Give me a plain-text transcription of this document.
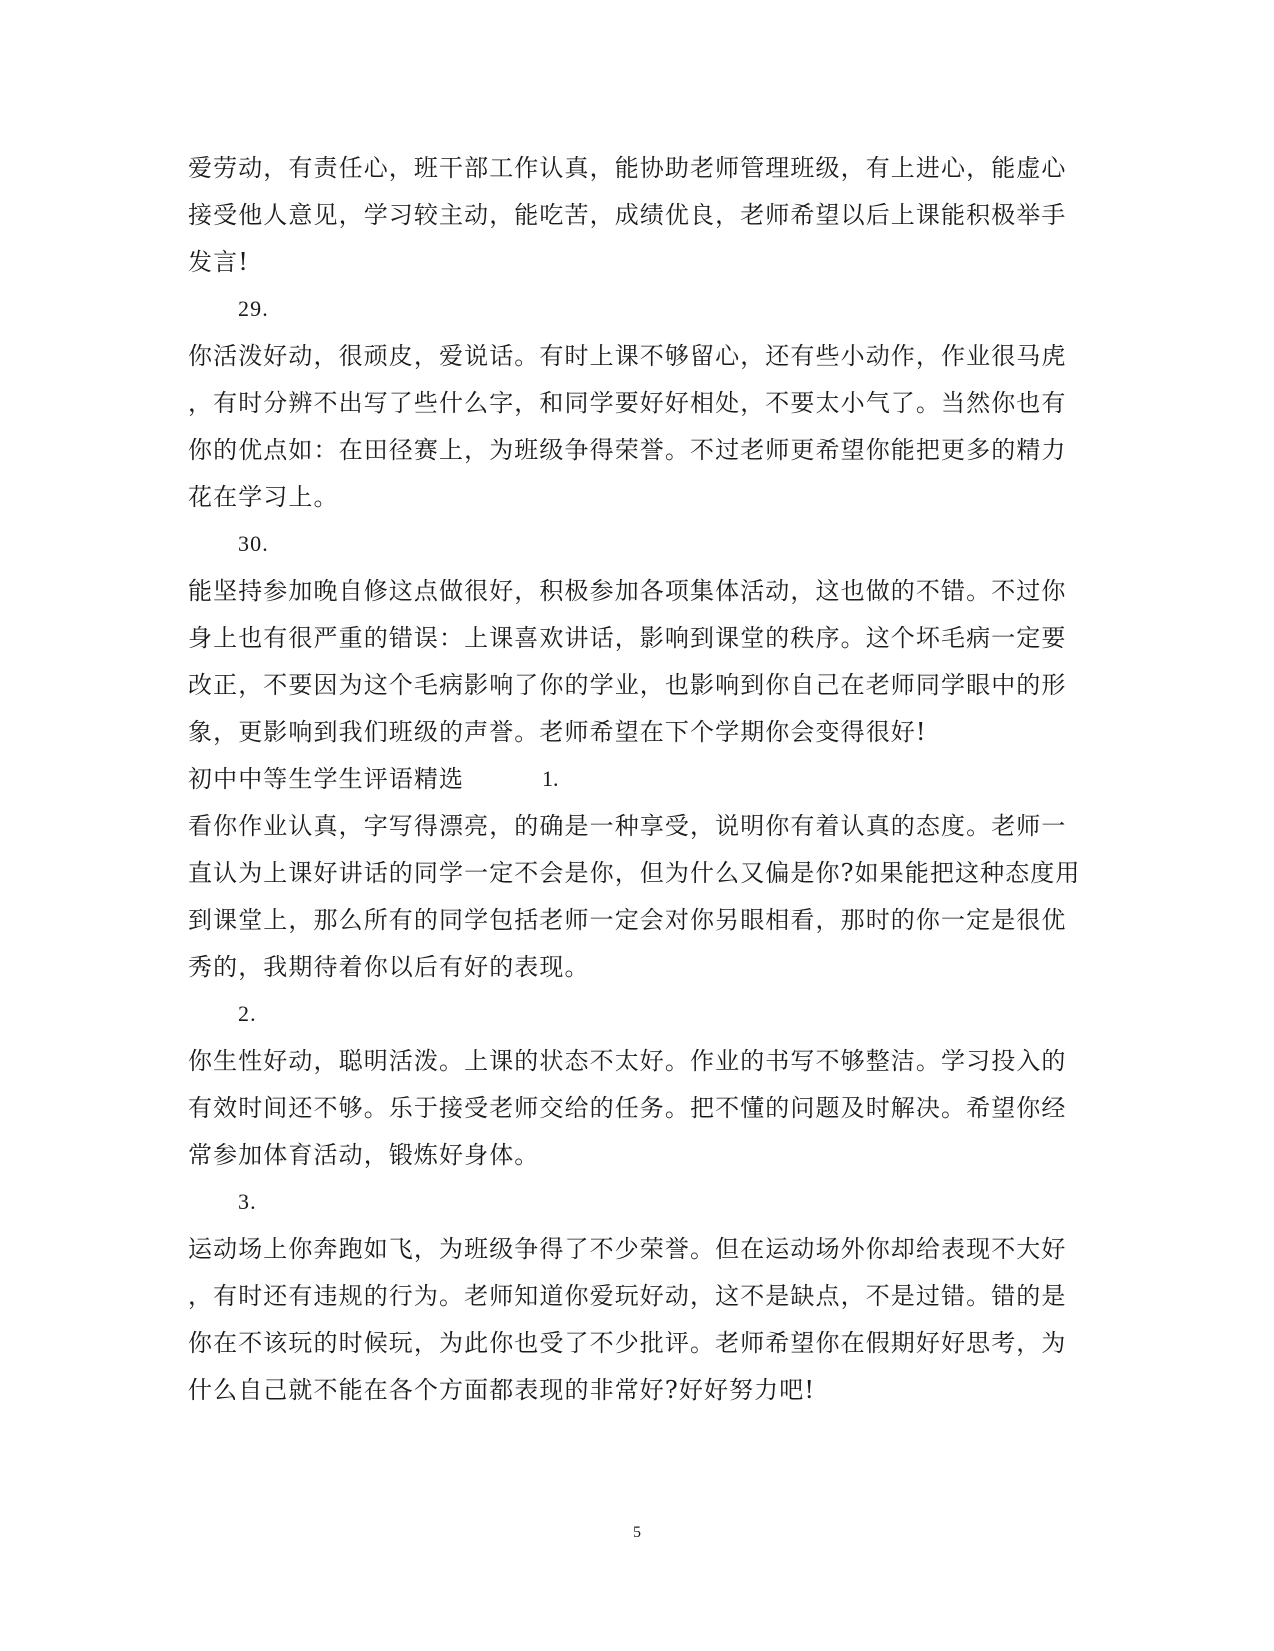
爱劳动，有责任心，班干部工作认真，能协助老师管理班级，有上进心，能虚心
接受他人意见，学习较主动，能吃苦，成绩优良，老师希望以后上课能积极举手
发言!
29.
你活泼好动，很顽皮，爱说话。有时上课不够留心，还有些小动作，作业很马虎
，有时分辨不出写了些什么字，和同学要好好相处，不要太小气了。当然你也有
你的优点如：在田径赛上，为班级争得荣誉。不过老师更希望你能把更多的精力
花在学习上。
30.
能坚持参加晚自修这点做很好，积极参加各项集体活动，这也做的不错。不过你
身上也有很严重的错误：上课喜欢讲话，影响到课堂的秩序。这个坏毛病一定要
改正，不要因为这个毛病影响了你的学业，也影响到你自己在老师同学眼中的形
象，更影响到我们班级的声誉。老师希望在下个学期你会变得很好!
初中中等生学生评语精选	1.
看你作业认真，字写得漂亮，的确是一种享受，说明你有着认真的态度。老师一
直认为上课好讲话的同学一定不会是你，但为什么又偏是你?如果能把这种态度用
到课堂上，那么所有的同学包括老师一定会对你另眼相看，那时的你一定是很优
秀的，我期待着你以后有好的表现。
2.
你生性好动，聪明活泼。上课的状态不太好。作业的书写不够整洁。学习投入的
有效时间还不够。乐于接受老师交给的任务。把不懂的问题及时解决。希望你经
常参加体育活动，锻炼好身体。
3.
运动场上你奔跑如飞，为班级争得了不少荣誉。但在运动场外你却给表现不大好
，有时还有违规的行为。老师知道你爱玩好动，这不是缺点，不是过错。错的是
你在不该玩的时候玩，为此你也受了不少批评。老师希望你在假期好好思考，为
什么自己就不能在各个方面都表现的非常好?好好努力吧!
5
